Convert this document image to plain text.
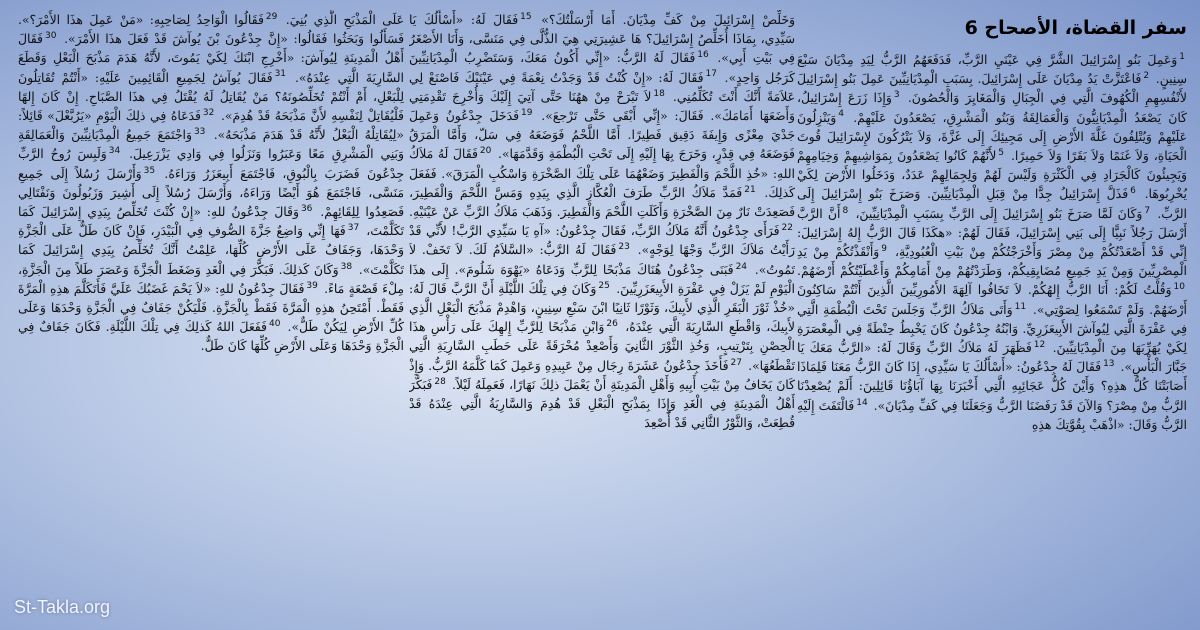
سفر القضاة، الأصحاح 6
$^1$وَعَمِلَ بَنُو إِسْرَائِيلَ الشَّرَّ فِي عَيْنَيِ الرَّبِّ، فَدَفَعَهُمُ الرَّبُّ لِيَدِ مِدْيَانَ سَبْعَ سِنِينٍ. $^2$فَاعْتَزَّتْ يَدُ مِدْيَانَ عَلَى إِسْرَائِيلَ. بِسَبَبِ الْمِدْيَانِيِّينَ عَمِلَ بَنُو إِسْرَائِيلَ لأَنْفُسِهِمِ الْكُهُوفَ الَّتِي فِي الْجِبَالِ وَالْمَغَايِرَ وَالْحُصُونَ. $^3$وَإِذَا زَرَعَ إِسْرَائِيلُ، كَانَ يَصْعَدُ الْمِدْيَانِيُّونَ وَالْعَمَالِقَةُ وَبَنُو الْمَشْرِقِ، يَصْعَدُونَ عَلَيْهِمْ. $^4$وَيَنْزِلُونَ عَلَيْهِمْ وَيُتْلِفُونَ غَلَّةَ الأَرْضِ إِلَى مَجِيئِكَ إِلَى غَزَّةَ، وَلاَ يَتْرُكُونَ لإِسْرَائِيلَ قُوتَ الْحَيَاةِ، وَلاَ غَنَمًا وَلاَ بَقَرًا وَلاَ حَمِيرًا. $^5$لأَنَّهُمْ كَانُوا يَصْعَدُونَ بِمَوَاشِيهِمْ وَخِيَامِهِمْ وَيَجِيئُونَ كَالْجَرَادِ فِي الْكَثْرَةِ وَلَيْسَ لَهُمْ وَلِجِمَالِهِمْ عَدَدٌ، وَدَخَلُوا الأَرْضَ لِكَيْ يُخْرِبُوهَا. $^6$فَذَلَّ إِسْرَائِيلُ جِدًّا مِنْ قِبَلِ الْمِدْيَانِيِّينَ. وَصَرَخَ بَنُو إِسْرَائِيلَ إِلَى الرَّبِّ. $^7$وَكَانَ لَمَّا صَرَخَ بَنُو إِسْرَائِيلَ إِلَى الرَّبِّ بِسَبَبِ الْمِدْيَانِيِّينَ، $^8$أَنَّ الرَّبَّ أَرْسَلَ رَجُلاً نَبِيًّا إِلَى بَنِي إِسْرَائِيلَ، فَقَالَ لَهُمْ: «هكَذَا قَالَ الرَّبُّ إِلهُ إِسْرَائِيلَ: إِنِّي قَدْ أَصْعَدْتُكُمْ مِنْ مِصْرَ وَأَخْرَجْتُكُمْ مِنْ بَيْتِ الْعُبُودِيَّةِ، $^9$وَأَنْقَذْتُكُمْ مِنْ يَدِ الْمِصْرِيِّينَ وَمِنْ يَدِ جَمِيعِ مُضَايِقِيكُمْ، وَطَرَدْتُهُمْ مِنْ أَمَامِكُمْ وَأَعْطَيْتُكُمْ أَرْضَهُمْ. $^{10}$وَقُلْتُ لَكُمْ: أَنَا الرَّبُّ إِلهُكُمْ. لاَ تَخَافُوا آلِهَةَ الأَمُورِيِّينَ الَّذِينَ أَنْتُمْ سَاكِنُونَ أَرْضَهُمْ. وَلَمْ تَسْمَعُوا لِصَوْتِي». $^{11}$وَأَتَى مَلاَكُ الرَّبِّ وَجَلَسَ تَحْتَ الْبُطْمَةِ الَّتِي فِي عَفْرَةَ الَّتِي لِيُوآشَ الأَبِيعَزَرِيِّ. وَابْنُهُ جِدْعُونُ كَانَ يَخْبِطُ حِنْطَةً فِي الْمِعْصَرَةِ لِكَيْ يُهَرِّبَهَا مِنَ الْمِدْيَانِيِّينَ. $^{12}$فَظَهَرَ لَهُ مَلاَكُ الرَّبِّ وَقَالَ لَهُ: «الرَّبُّ مَعَكَ يَا جَبَّارَ الْبَأْسِ». $^{13}$فَقَالَ لَهُ جِدْعُونُ: «أَسْأَلُكَ يَا سَيِّدِي، إِذَا كَانَ الرَّبُّ مَعَنَا فَلِمَاذَا أَصَابَتْنَا كُلُّ هذِهِ؟ وَأَيْنَ كُلُّ عَجَائِبِهِ الَّتِي أَخْبَرَنَا بِهَا آبَاؤُنَا قَائِلِينَ: أَلَمْ يُصْعِدْنَا الرَّبُّ مِنْ مِصْرَ؟ وَالآنَ قَدْ رَفَضَنَا الرَّبُّ وَجَعَلَنَا فِي كَفِّ مِدْيَانَ». $^{14}$فَالْتَفَتَ إِلَيْهِ الرَّبُّ وَقَالَ: «اذْهَبْ بِقُوَّتِكَ هذِهِ
وَخَلِّصْ إِسْرَائِيلَ مِنْ كَفِّ مِدْيَانَ. أَمَا أَرْسَلْتُكَ؟» $^{15}$فَقَالَ لَهُ: «أَسْأَلُكَ يَا سَيِّدِي، بِمَاذَا أُخَلِّصُ إِسْرَائِيلَ؟ هَا عَشِيرَتِي هِيَ الذُّلَّى فِي مَنَسَّى، وَأَنَا الأَصْغَرُ فِي بَيْتِ أَبِي». $^{16}$فَقَالَ لَهُ الرَّبُّ: «إِنِّي أَكُونُ مَعَكَ، وَسَتَضْرِبُ الْمِدْيَانِيِّينَ كَرَجُل وَاحِدٍ». $^{17}$فَقَالَ لَهُ: «إِنْ كُنْتُ قَدْ وَجَدْتُ نِعْمَةً فِي عَيْنَيْكَ فَاصْنَعْ لِي عَلاَمَةً أَنَّكَ أَنْتَ تُكَلِّمُنِي. $^{18}$لاَ تَبْرَحْ مِنْ ههُنَا حَتَّى آتِيَ إِلَيْكَ وَأُخْرِجَ تَقْدِمَتِي وَأَضَعَهَا أَمَامَكَ». فَقَالَ: «إِنِّي أَبْقَى حَتَّى تَرْجعَ». $^{19}$فَدَخَلَ جِدْعُونُ وَعَمِلَ جَدْيَ مِعْزًى وَإِيفَةَ دَقِيق فَطِيرًا. أَمَّا اللَّحْمُ فَوَضَعَهُ فِي سَلّ، وَأَمَّا الْمَرَقُ فَوَضَعَهُ فِي قِدْرٍ، وَخَرَجَ بِهَا إِلَيْهِ إِلَى تَحْتِ الْبُطْمَةِ وَقَدَّمَهَا». $^{20}$فَقَالَ لَهُ مَلاَكُ اللهِ: «خُذِ اللَّحْمَ وَالْفَطِيرَ وَضَعْهُمَا عَلَى تِلْكَ الصَّخْرَةِ وَاسْكُبِ الْمَرَقَ». فَفَعَلَ كَذلِكَ. $^{21}$فَمَدَّ مَلاَكُ الرَّبِّ طَرَفَ الْعُكَّازِ الَّذِي بِيَدِهِ وَمَسَّ اللَّحْمَ وَالْفَطِيرَ، فَصَعِدَتْ نَارٌ مِنَ الصَّخْرَةِ وَأَكَلَتِ اللَّحْمَ وَالْفَطِيرَ. وَذَهَبَ مَلاَكُ الرَّبِّ عَنْ عَيْنَيْهِ. $^{22}$فَرَأَى جِدْعُونُ أَنَّهُ مَلاَكُ الرَّبِّ، فَقَالَ جِدْعُونُ: «آهِ يَا سَيِّدِي الرَّبَّ! لأَنِّي قَدْ رَأَيْتُ مَلاَكَ الرَّبِّ وَجْهًا لِوَجْهٍ». $^{23}$فَقَالَ لَهُ الرَّبُّ: «السَّلاَمُ لَكَ. لاَ تَخَفْ. لاَ تَمُوتُ». $^{24}$فَبَنَى جِدْعُونُ هُنَاكَ مَذْبَحًا لِلرَّبِّ وَدَعَاهُ «يَهْوَهَ شَلُومَ». إِلَى هذَا الْيَوْمِ لَمْ يَزَلْ فِي عَفْرَةِ الأَبِيعَزَرِيِّينَ. $^{25}$وَكَانَ فِي تِلْكَ اللَّيْلَةِ أَنَّ الرَّبَّ قَالَ لَهُ: «خُذْ ثَوْرَ الْبَقَرِ الَّذِي لأَبِيكَ، وَثَوْرًا ثَانِيًا ابْنَ سَبْعِ سِنِينٍ، وَاهْدِمْ مَذْبَحَ الْبَعْلِ الَّذِي لأَبِيكَ، وَاقْطَعِ السَّارِيَةَ الَّتِي عِنْدَهُ، $^{26}$وَابْنِ مَذْبَحًا لِلرَّبِّ إِلهِكَ عَلَى رَأْسِ هذَا الْحِصْنِ بِتَرْتِيبٍ، وَخُذِ الثَّوْرَ الثَّانِيَ وَأَصْعِدْ مُحْرَقَةً عَلَى حَطَبِ السَّارِيَةِ الَّتِي تَقْطَعُهَا». $^{27}$فَأَخَذَ جِدْعُونُ عَشَرَةَ رِجَال مِنْ عَبِيدِهِ وَعَمِلَ كَمَا كَلَّمَهُ الرَّبُّ. وَإِذْ كَانَ يَخَافُ مِنْ بَيْتِ أَبِيهِ وَأَهْلِ الْمَدِينَةِ أَنْ يَعْمَلَ ذلِكَ نَهَارًا، فَعَمِلَهُ لَيْلاً. $^{28}$فَبَكَّرَ أَهْلُ الْمَدِينَةِ فِي الْغَدِ وَإِذَا بِمَذْبَحِ الْبَعْلِ قَدْ هُدِمَ وَالسَّارِيَةُ الَّتِي عِنْدَهُ قَدْ قُطِعَتْ، وَالثَّوْرُ الثَّانِي قَدْ أُصْعِدَ
عَلَى الْمَذْبَحِ الَّذِي بُنِيَ. $^{29}$فَقَالُوا الْوَاحِدُ لِصَاحِبِهِ: «مَنْ عَمِلَ هذَا الأَمْرَ؟». فَسَأَلُوا وَبَحَثُوا فَقَالُوا: «إِنَّ جِدْعُونَ بْنَ يُوآشَ قَدْ فَعَلَ هذَا الأَمْرَ». $^{30}$فَقَالَ أَهْلُ الْمَدِينَةِ لِيُوآشَ: «أَخْرِجِ ابْنَكَ لِكَيْ يَمُوتَ، لأَنَّهُ هَدَمَ مَذْبَحَ الْبَعْلِ وَقَطَعَ السَّارِيَةَ الَّتِي عِنْدَهُ». $^{31}$فَقَالَ يُوآشُ لِجَمِيعِ الْقَائِمِينَ عَلَيْهِ: «أَنْتُمْ تُقَاتِلُونَ لِلْبَعْلِ، أَمْ أَنْتُمْ تُخَلِّصُونَهُ؟ مَنْ يُقَاتِلُ لَهُ يُقْتَلُ فِي هذَا الصَّبَاحِ. إِنْ كَانَ إِلهًا فَلْيُقَاتِلْ لِنَفْسِهِ لأَنَّ مَذْبَحَهُ قَدْ هُدِمَ». $^{32}$فَدَعَاهُ فِي ذلِكَ الْيَوْمِ «يَرُبَّعْلَ» قَائِلاً: «لِيُقَاتِلْهُ الْبَعْلُ لأَنَّهُ قَدْ هَدَمَ مَذْبَحَهُ». $^{33}$وَاجْتَمَعَ جَمِيعُ الْمِدْيَانِيِّينَ وَالْعَمَالِقَةِ وَبَنِي الْمَشْرِقِ مَعًا وَعَبَرُوا وَنَزَلُوا فِي وَادِي يَزْرَعِيلَ. $^{34}$وَلَبِسَ رُوحُ الرَّبِّ جِدْعُونَ فَضَرَبَ بِالْبُوقِ، فَاجْتَمَعَ أَبِيعَزَرُ وَرَاءَهُ. $^{35}$وَأَرْسَلَ رُسُلاً إِلَى جَمِيعِ مَنَسَّى، فَاجْتَمَعَ هُوَ أَيْضًا وَرَاءَهُ، وَأَرْسَلَ رُسُلاً إِلَى أَشِيرَ وَزَبُولُونَ وَنَفْتَالِي فَصَعِدُوا لِلِقَائِهِمْ. $^{36}$وَقَالَ جِدْعُونُ للهِ: «إِنْ كُنْتَ تُخَلِّصُ بِيَدِي إِسْرَائِيلَ كَمَا تَكَلَّمْتَ، $^{37}$فَهَا إِنِّي وَاضِعٌ جَزَّةَ الصُّوفِ فِي الْبَيْدَرِ، فَإِنْ كَانَ طَلٌّ عَلَى الْجَزَّةِ وَحْدَهَا، وَجَفَافٌ عَلَى الأَرْضِ كُلِّهَا، عَلِمْتُ أَنَّكَ تُخَلِّصُ بِيَدِي إِسْرَائِيلَ كَمَا تَكَلَّمْتَ». $^{38}$وَكَانَ كَذلِكَ. فَبَكَّرَ فِي الْغَدِ وَضَغَطَ الْجَزَّةَ وَعَصَرَ طَلاً مِنَ الْجَزَّةِ، مِلْءَ قَصْعَةٍ مَاءً. $^{39}$فَقَالَ جِدْعُونُ للهِ: «لاَ يَحْمَ غَضَبُكَ عَلَيَّ فَأَتَكَلَّمَ هذِهِ الْمَرَّةَ فَقَطْ. أَمْتَحِنُ هذِهِ الْمَرَّةَ فَقَطْ بِالْجَزَّةِ. فَلْيَكُنْ جَفَافٌ فِي الْجَزَّةِ وَحْدَهَا وَعَلَى كُلِّ الأَرْضِ لِيَكُنْ طَلٌّ». $^{40}$فَفَعَلَ اللهُ كَذلِكَ فِي تِلْكَ اللَّيْلَةِ. فَكَانَ جَفَافٌ فِي الْجَزَّةِ وَحْدَهَا وَعَلَى الأَرْضِ كُلِّهَا كَانَ طَلٌّ.
St-Takla.org
